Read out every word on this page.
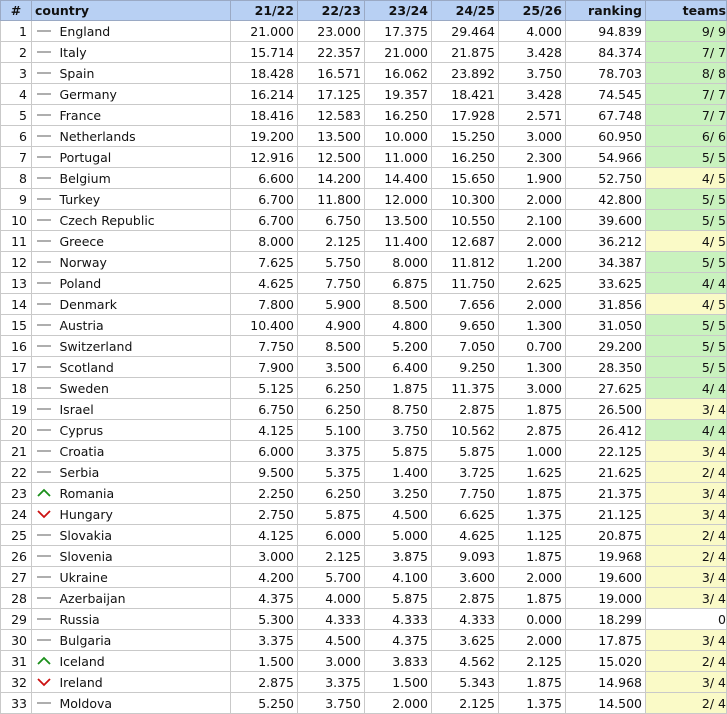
#	country		21/22	22/23	23/24	24/25	25/26	ranking	teams
1		England	21.000	23.000	17.375	29.464	4.000	94.839	9/ 9
2		Italy	15.714	22.357	21.000	21.875	3.428	84.374	7/ 7
3		Spain	18.428	16.571	16.062	23.892	3.750	78.703	8/ 8
4		Germany	16.214	17.125	19.357	18.421	3.428	74.545	7/ 7
5		France	18.416	12.583	16.250	17.928	2.571	67.748	7/ 7
6		Netherlands	19.200	13.500	10.000	15.250	3.000	60.950	6/ 6
7		Portugal	12.916	12.500	11.000	16.250	2.300	54.966	5/ 5
8		Belgium	6.600	14.200	14.400	15.650	1.900	52.750	4/ 5
9		Turkey	6.700	11.800	12.000	10.300	2.000	42.800	5/ 5
10		Czech Republic	6.700	6.750	13.500	10.550	2.100	39.600	5/ 5
11		Greece	8.000	2.125	11.400	12.687	2.000	36.212	4/ 5
12		Norway	7.625	5.750	8.000	11.812	1.200	34.387	5/ 5
13		Poland	4.625	7.750	6.875	11.750	2.625	33.625	4/ 4
14		Denmark	7.800	5.900	8.500	7.656	2.000	31.856	4/ 5
15		Austria	10.400	4.900	4.800	9.650	1.300	31.050	5/ 5
16		Switzerland	7.750	8.500	5.200	7.050	0.700	29.200	5/ 5
17		Scotland	7.900	3.500	6.400	9.250	1.300	28.350	5/ 5
18		Sweden	5.125	6.250	1.875	11.375	3.000	27.625	4/ 4
19		Israel	6.750	6.250	8.750	2.875	1.875	26.500	3/ 4
20		Cyprus	4.125	5.100	3.750	10.562	2.875	26.412	4/ 4
21		Croatia	6.000	3.375	5.875	5.875	1.000	22.125	3/ 4
22		Serbia	9.500	5.375	1.400	3.725	1.625	21.625	2/ 4
23		Romania	2.250	6.250	3.250	7.750	1.875	21.375	3/ 4
24		Hungary	2.750	5.875	4.500	6.625	1.375	21.125	3/ 4
25		Slovakia	4.125	6.000	5.000	4.625	1.125	20.875	2/ 4
26		Slovenia	3.000	2.125	3.875	9.093	1.875	19.968	2/ 4
27		Ukraine	4.200	5.700	4.100	3.600	2.000	19.600	3/ 4
28		Azerbaijan	4.375	4.000	5.875	2.875	1.875	19.000	3/ 4
29		Russia	5.300	4.333	4.333	4.333	0.000	18.299	0
30		Bulgaria	3.375	4.500	4.375	3.625	2.000	17.875	3/ 4
31		Iceland	1.500	3.000	3.833	4.562	2.125	15.020	2/ 4
32		Ireland	2.875	3.375	1.500	5.343	1.875	14.968	3/ 4
33		Moldova	5.250	3.750	2.000	2.125	1.375	14.500	2/ 4
